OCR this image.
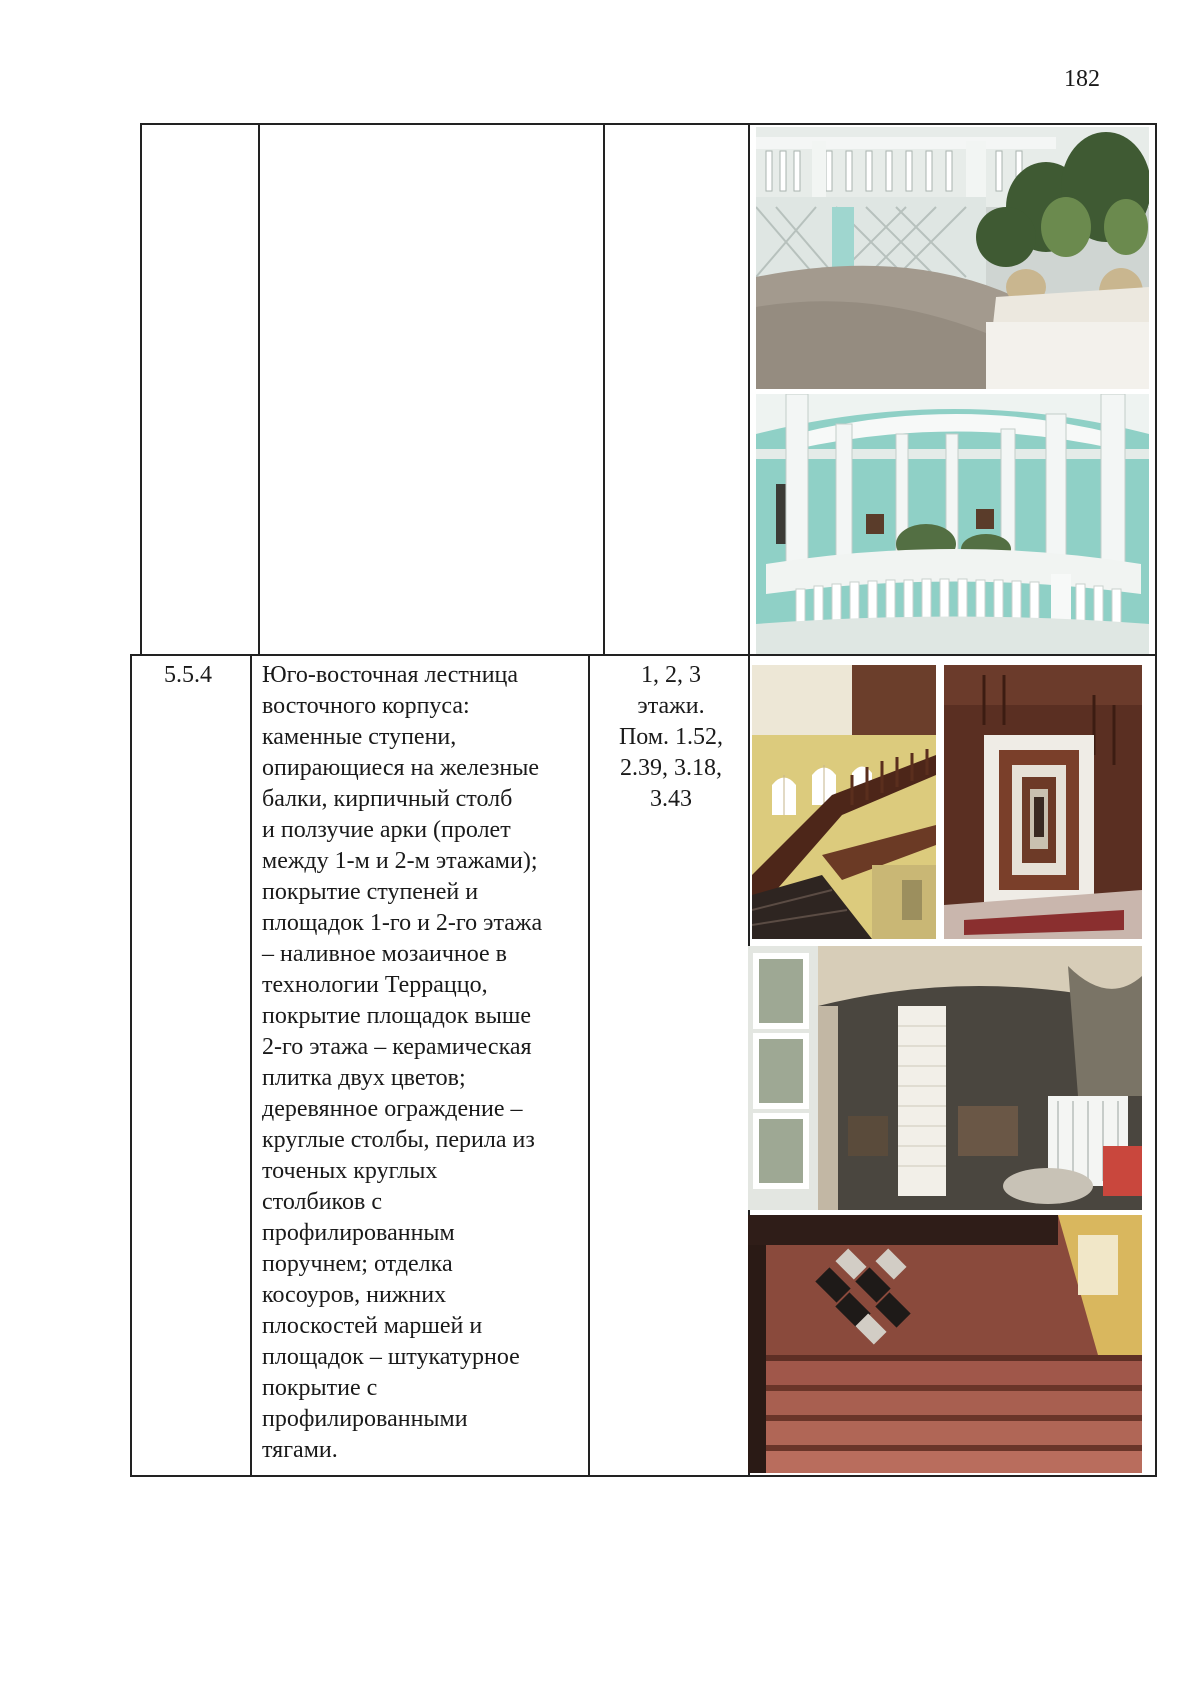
182
5.5.4 Юго-восточная лестница
восточного корпуса:
каменные ступени,
опирающиеся на железные
балки, кирпичный столб
и ползучие арки (пролет
между 1-м и 2-м этажами);
покрытие ступеней и
площадок 1-го и 2-го этажа
– наливное мозаичное в
технологии Терраццо,
покрытие площадок выше
2-го этажа – керамическая
плитка двух цветов;
деревянное ограждение –
круглые столбы, перила из
точеных круглых
столбиков с
профилированным
поручнем; отделка
косоуров, нижних
плоскостей маршей и
площадок – штукатурное
покрытие с
профилированными
тягами.
1, 2, 3
этажи.
Пом. 1.52,
2.39, 3.18,
3.43
